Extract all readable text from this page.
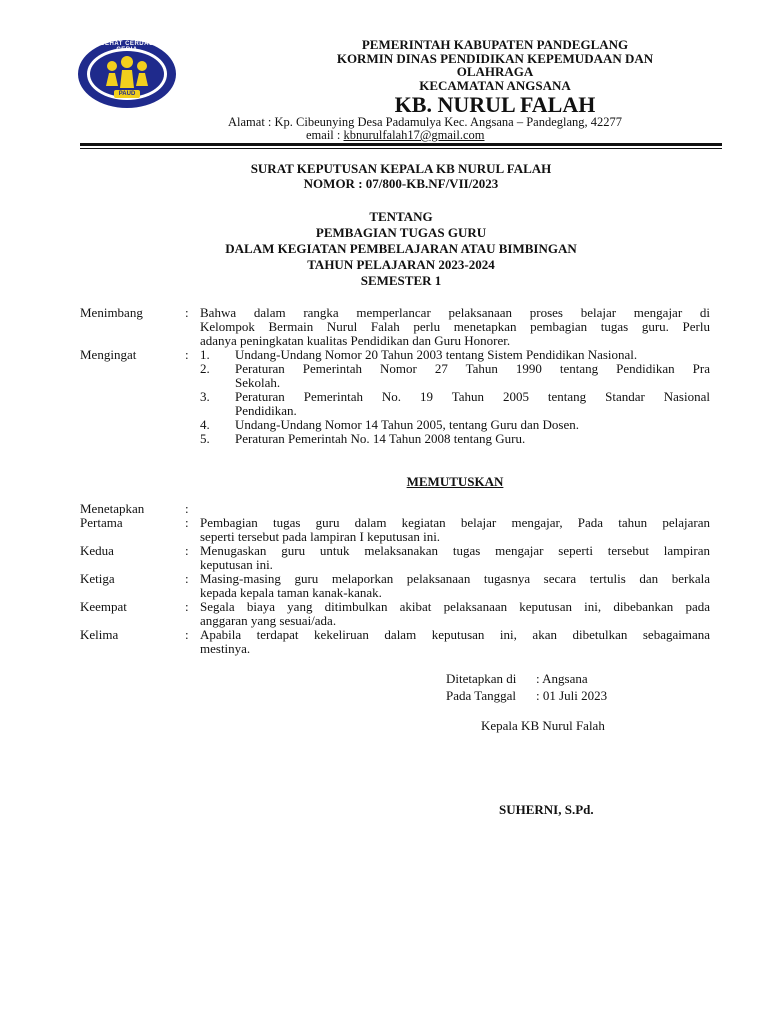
SEHAT CERDAS CERIA
PAUD
PEMERINTAH KABUPATEN PANDEGLANG
KORMIN DINAS PENDIDIKAN KEPEMUDAAN DAN
OLAHRAGA
KECAMATAN ANGSANA
KB. NURUL FALAH
Alamat : Kp. Cibeunying Desa Padamulya Kec. Angsana – Pandeglang, 42277
email : kbnurulfalah17@gmail.com
SURAT KEPUTUSAN KEPALA KB NURUL FALAH
NOMOR : 07/800-KB.NF/VII/2023
TENTANG
PEMBAGIAN TUGAS GURU
DALAM KEGIATAN PEMBELAJARAN ATAU BIMBINGAN
TAHUN PELAJARAN 2023-2024
SEMESTER 1
Menimbang	: Bahwa dalam rangka memperlancar pelaksanaan proses belajar mengajar di
Kelompok Bermain Nurul Falah perlu menetapkan pembagian tugas guru. Perlu
adanya peningkatan kualitas Pendidikan dan Guru Honorer.
Mengingat	: 1. Undang-Undang Nomor 20 Tahun 2003 tentang Sistem Pendidikan Nasional.
2. Peraturan Pemerintah Nomor 27 Tahun 1990 tentang Pendidikan Pra
Sekolah.
3. Peraturan Pemerintah No. 19 Tahun 2005 tentang Standar Nasional
Pendidikan.
4. Undang-Undang Nomor 14 Tahun 2005, tentang Guru dan Dosen.
5. Peraturan Pemerintah No. 14 Tahun 2008 tentang Guru.
MEMUTUSKAN
Menetapkan	:
Pertama	: Pembagian tugas guru dalam kegiatan belajar mengajar, Pada tahun pelajaran
seperti tersebut pada lampiran I keputusan ini.
Kedua	: Menugaskan guru untuk melaksanakan tugas mengajar seperti tersebut lampiran
keputusan ini.
Ketiga	: Masing-masing guru melaporkan pelaksanaan tugasnya secara tertulis dan berkala
kepada kepala taman kanak-kanak.
Keempat	: Segala biaya yang ditimbulkan akibat pelaksanaan keputusan ini, dibebankan pada
anggaran yang sesuai/ada.
Kelima	: Apabila terdapat kekeliruan dalam keputusan ini, akan dibetulkan sebagaimana
mestinya.
Ditetapkan di : Angsana
Pada Tanggal : 01 Juli 2023
Kepala KB Nurul Falah
SUHERNI, S.Pd.
